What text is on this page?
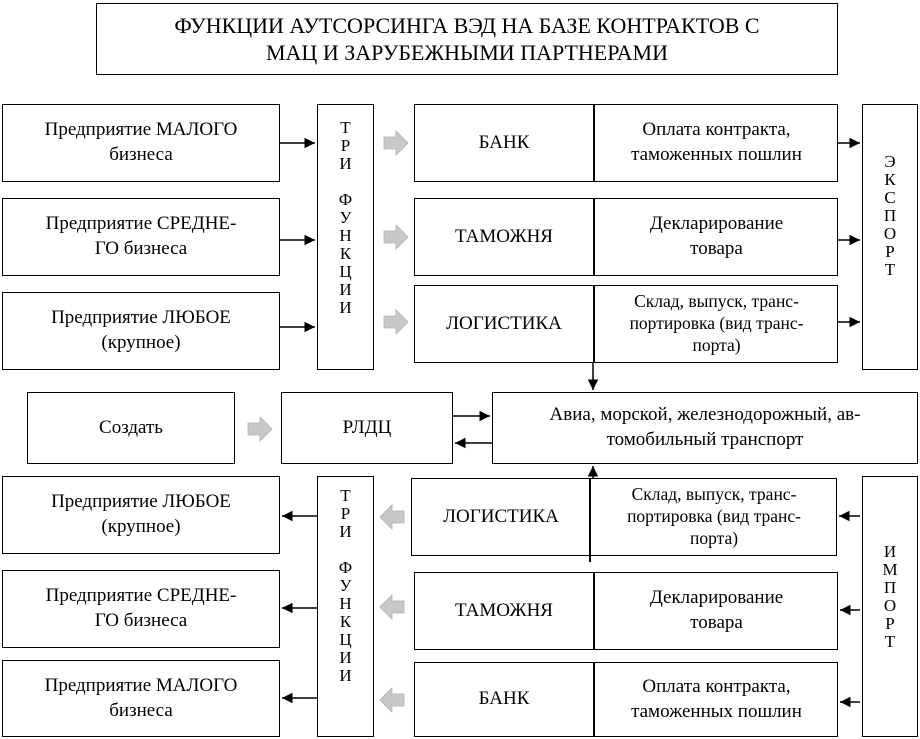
ФУНКЦИИ АУТСОРСИНГА ВЭД НА БАЗЕ КОНТРАКТОВ С
МАЦ И ЗАРУБЕЖНЫМИ ПАРТНЕРАМИ
Предприятие МАЛОГО
бизнеса
Предприятие СРЕДНЕ-
ГО бизнеса
Предприятие ЛЮБОЕ
(крупное)
Т
Р
И

Ф
У
Н
К
Ц
И
И
БАНК
Оплата контракта,
таможенных пошлин
ТАМОЖНЯ
Декларирование
товара
ЛОГИСТИКА
Склад, выпуск, транс-
портировка (вид транс-
порта)
Э
К
С
П
О
Р
Т
Создать	РЛДЦ
Авиа, морской, железнодорожный, ав-
томобильный транспорт
Предприятие ЛЮБОЕ
(крупное)
Предприятие СРЕДНЕ-
ГО бизнеса
Предприятие МАЛОГО
бизнеса
Т
Р
И

Ф
У
Н
К
Ц
И
И
ЛОГИСТИКА
Склад, выпуск, транс-
портировка (вид транс-
порта)
ТАМОЖНЯ
Декларирование
товара
БАНК
Оплата контракта,
таможенных пошлин
И
М
П
О
Р
Т
